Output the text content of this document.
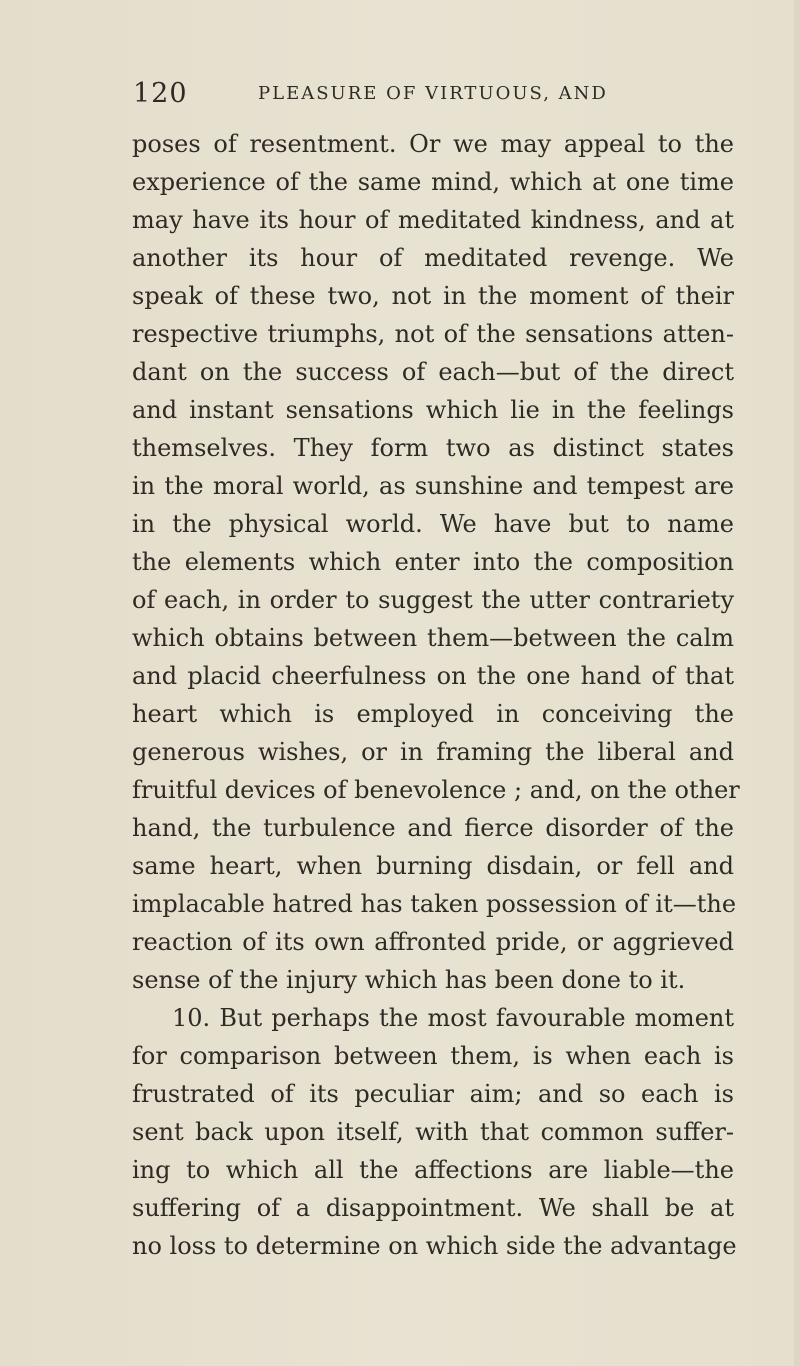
120	PLEASURE OF VIRTUOUS, AND
poses of resentment. Or we may appeal to the
experience of the same mind, which at one time
may have its hour of meditated kindness, and at
another its hour of meditated revenge. We
speak of these two, not in the moment of their
respective triumphs, not of the sensations atten-
dant on the success of each—but of the direct
and instant sensations which lie in the feelings
themselves. They form two as distinct states
in the moral world, as sunshine and tempest are
in the physical world. We have but to name
the elements which enter into the composition
of each, in order to suggest the utter contrariety
which obtains between them—between the calm
and placid cheerfulness on the one hand of that
heart which is employed in conceiving the
generous wishes, or in framing the liberal and
fruitful devices of benevolence ; and, on the other
hand, the turbulence and fierce disorder of the
same heart, when burning disdain, or fell and
implacable hatred has taken possession of it—the
reaction of its own affronted pride, or aggrieved
sense of the injury which has been done to it.
10. But perhaps the most favourable moment
for comparison between them, is when each is
frustrated of its peculiar aim; and so each is
sent back upon itself, with that common suffer-
ing to which all the affections are liable—the
suffering of a disappointment. We shall be at
no loss to determine on which side the advantage
